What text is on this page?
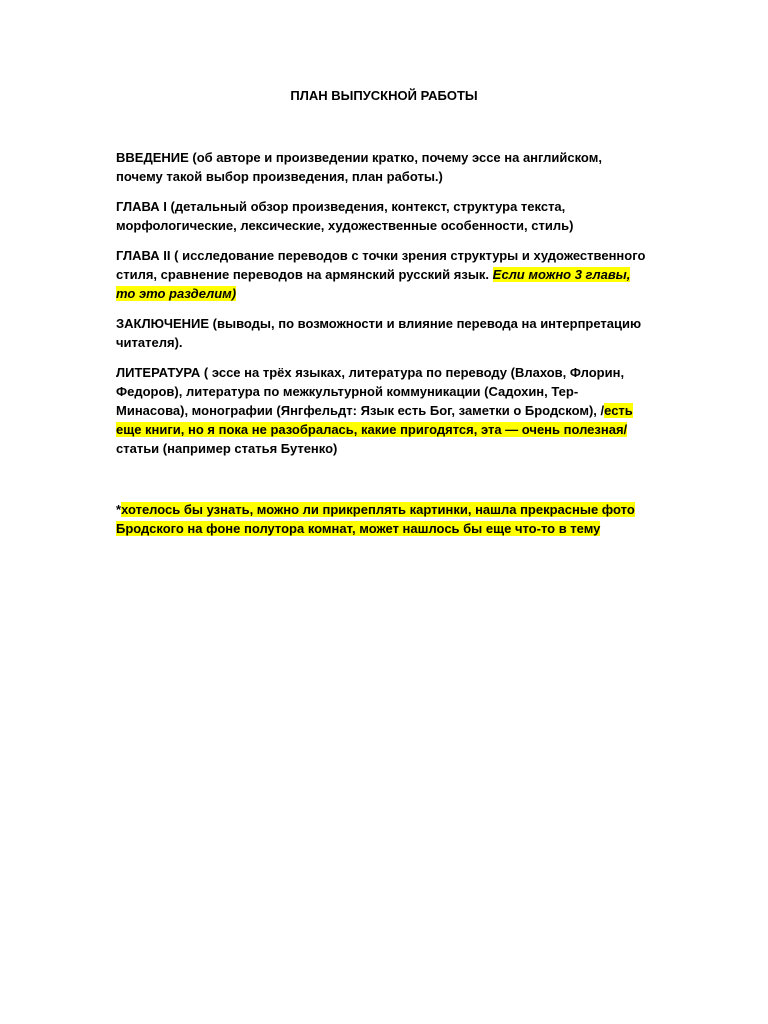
ПЛАН ВЫПУСКНОЙ РАБОТЫ

ВВЕДЕНИЕ (об авторе и произведении кратко, почему эссе на английском, почему такой выбор произведения, план работы.)

ГЛАВА I (детальный обзор произведения, контекст, структура текста, морфологические, лексические, художественные особенности, стиль)

ГЛАВА II ( исследование переводов с точки зрения структуры и художественного стиля, сравнение переводов на армянский русский язык. Если можно 3 главы, то это разделим)

ЗАКЛЮЧЕНИЕ (выводы, по возможности и влияние перевода на интерпретацию читателя).

ЛИТЕРАТУРА ( эссе на трёх языках, литература по переводу (Влахов, Флорин, Федоров), литература по межкультурной коммуникации (Садохин, Тер-Минасова), монографии (Янгфельдт: Язык есть Бог, заметки о Бродском), /есть еще книги, но я пока не разобралась, какие пригодятся, эта — очень полезная/ статьи (например статья Бутенко)

*хотелось бы узнать, можно ли прикреплять картинки, нашла прекрасные фото Бродского на фоне полутора комнат, может нашлось бы еще что-то в тему
